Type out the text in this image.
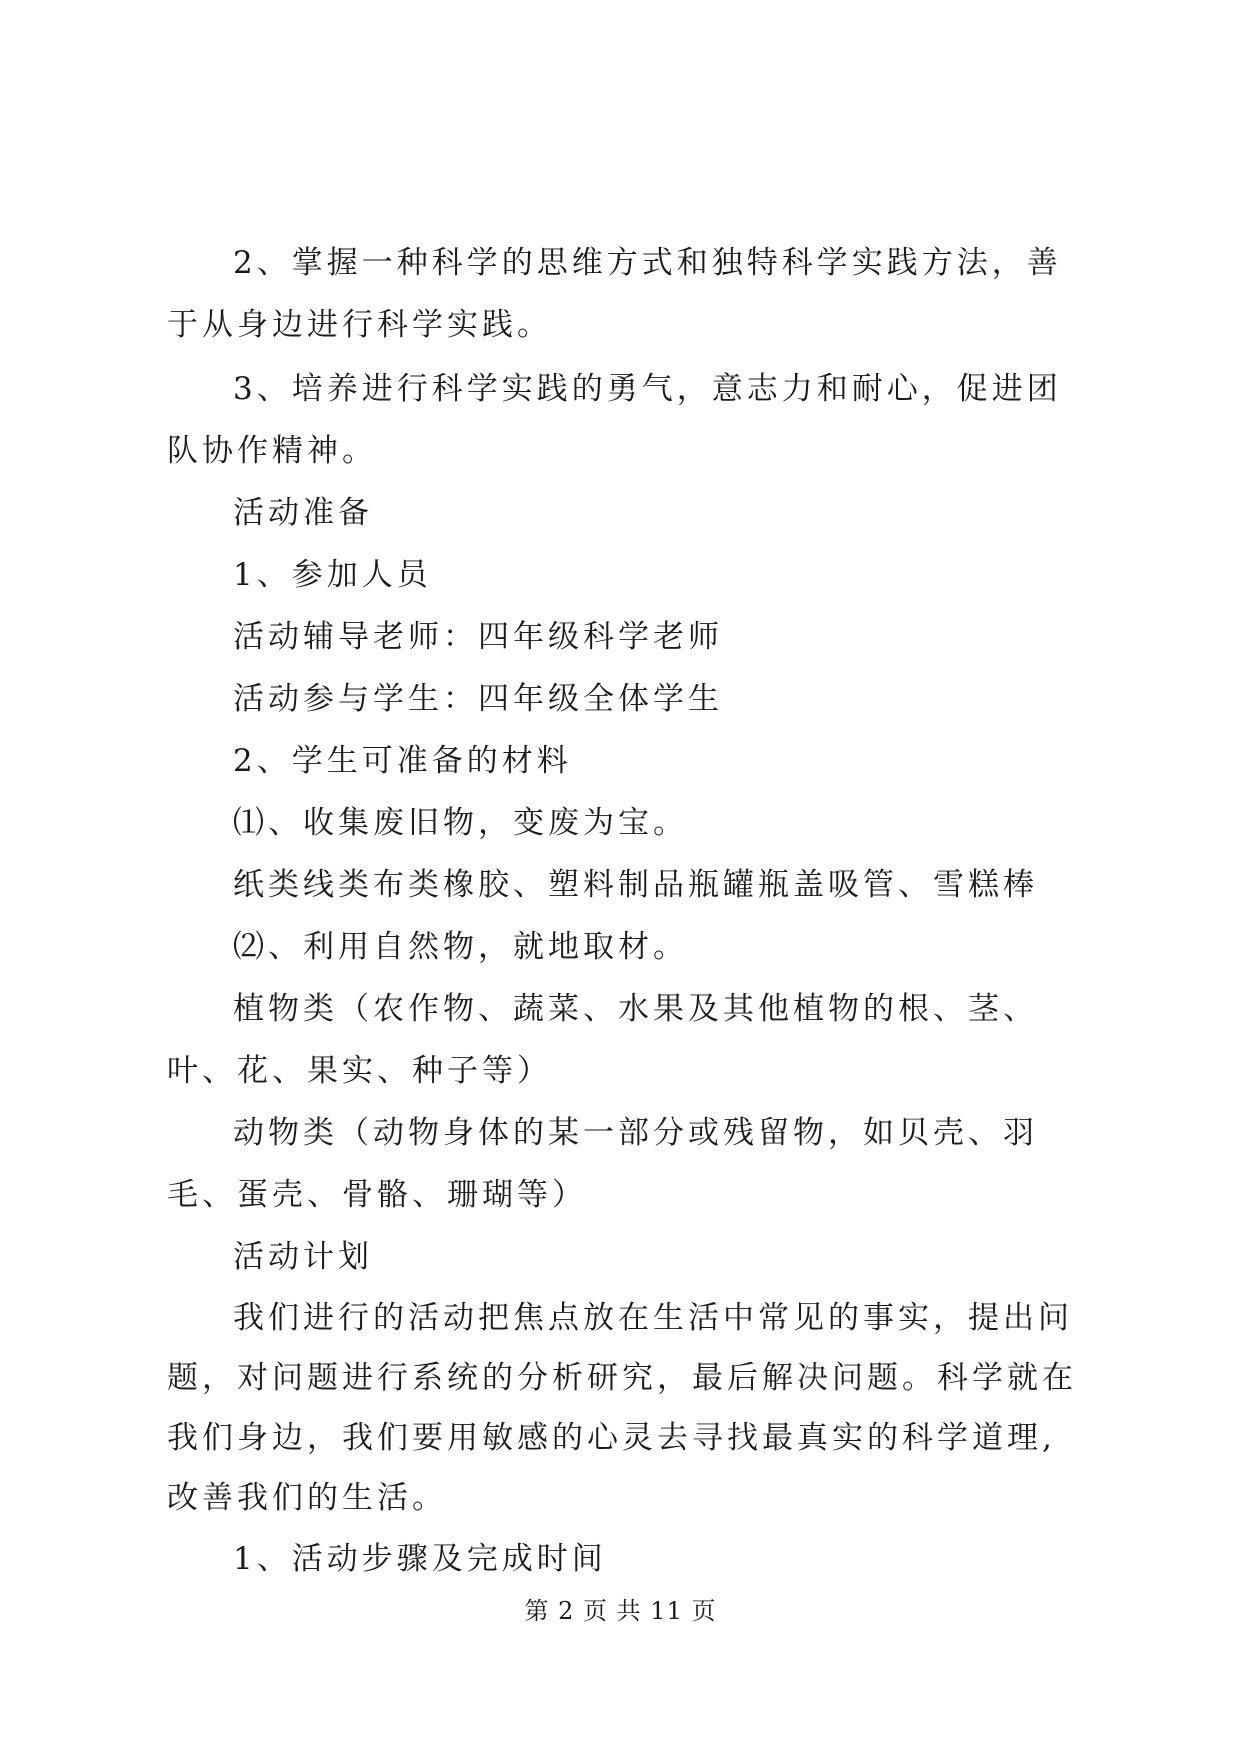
2、掌握一种科学的思维方式和独特科学实践方法，善于从身边进行科学实践。

3、培养进行科学实践的勇气，意志力和耐心，促进团队协作精神。

活动准备

1、参加人员

活动辅导老师：四年级科学老师

活动参与学生：四年级全体学生

2、学生可准备的材料

⑴、收集废旧物，变废为宝。

纸类线类布类橡胶、塑料制品瓶罐瓶盖吸管、雪糕棒

⑵、利用自然物，就地取材。

植物类（农作物、蔬菜、水果及其他植物的根、茎、叶、花、果实、种子等）

动物类（动物身体的某一部分或残留物，如贝壳、羽毛、蛋壳、骨骼、珊瑚等）

活动计划

我们进行的活动把焦点放在生活中常见的事实，提出问题，对问题进行系统的分析研究，最后解决问题。科学就在我们身边，我们要用敏感的心灵去寻找最真实的科学道理,改善我们的生活。

1、活动步骤及完成时间

第 2 页 共 11 页
